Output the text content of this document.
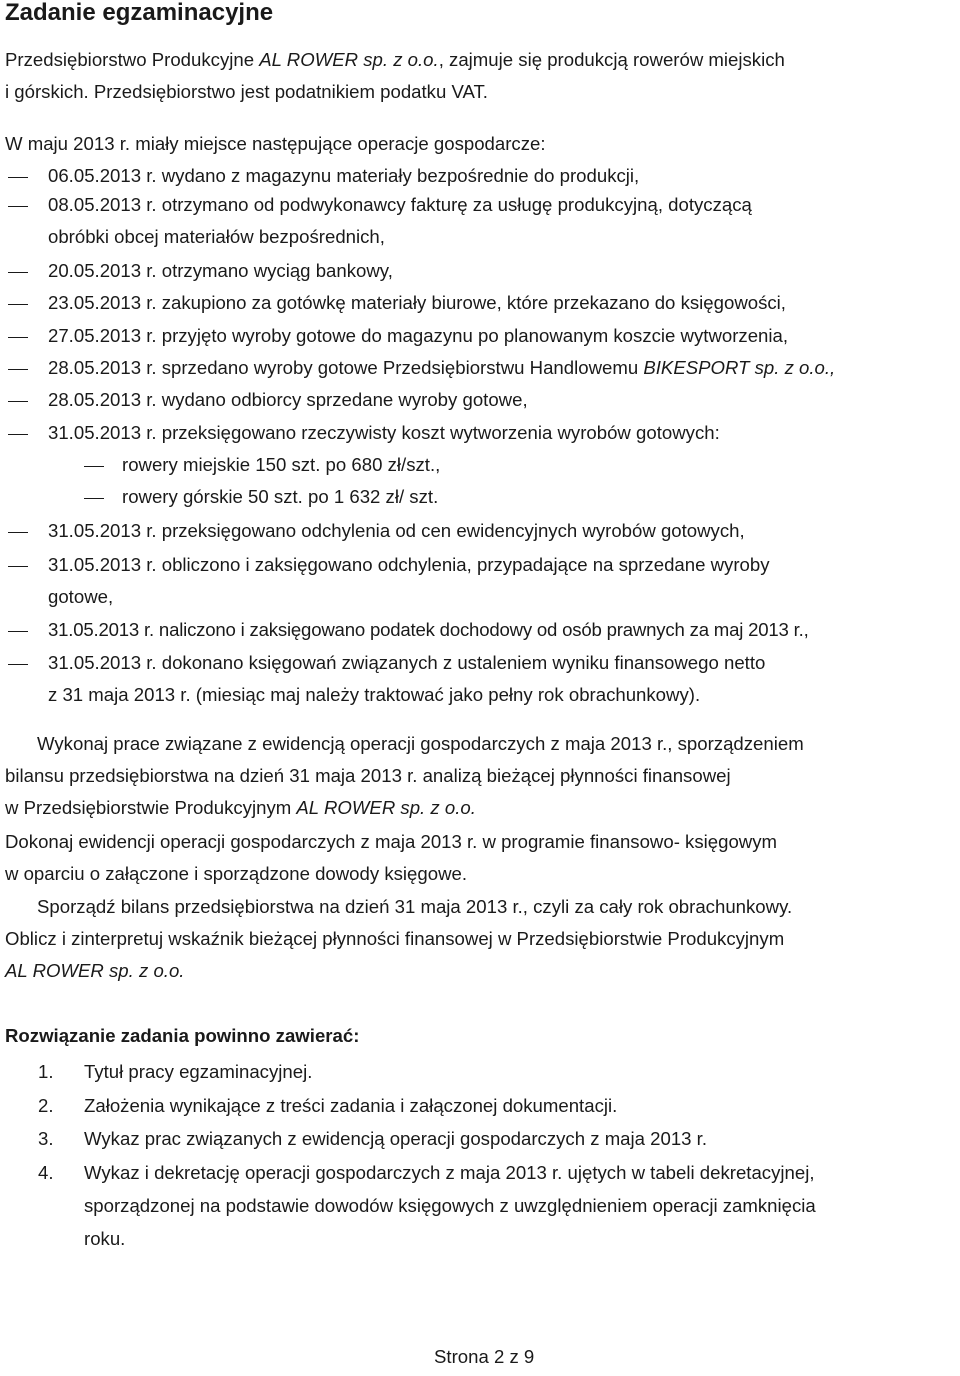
Zadanie egzaminacyjne
Przedsiębiorstwo Produkcyjne AL ROWER sp. z o.o., zajmuje się produkcją rowerów miejskich
i górskich. Przedsiębiorstwo jest podatnikiem podatku VAT.
W maju 2013 r. miały miejsce następujące operacje gospodarcze:
06.05.2013 r. wydano z magazynu materiały bezpośrednie do produkcji,
08.05.2013 r. otrzymano od podwykonawcy fakturę za usługę produkcyjną, dotyczącą
obróbki obcej materiałów bezpośrednich,
20.05.2013 r. otrzymano wyciąg bankowy,
23.05.2013 r. zakupiono za gotówkę materiały biurowe, które przekazano do księgowości,
27.05.2013 r. przyjęto wyroby gotowe do magazynu po planowanym koszcie wytworzenia,
28.05.2013 r. sprzedano wyroby gotowe Przedsiębiorstwu Handlowemu BIKESPORT sp. z o.o.,
28.05.2013 r. wydano odbiorcy sprzedane wyroby gotowe,
31.05.2013 r. przeksięgowano rzeczywisty koszt wytworzenia wyrobów gotowych:
rowery miejskie 150 szt. po 680 zł/szt.,
rowery górskie 50 szt. po 1 632 zł/ szt.
31.05.2013 r. przeksięgowano odchylenia od cen ewidencyjnych wyrobów gotowych,
31.05.2013 r. obliczono i zaksięgowano odchylenia, przypadające na sprzedane wyroby
gotowe,
31.05.2013 r. naliczono i zaksięgowano podatek dochodowy od osób prawnych za maj 2013 r.,
31.05.2013 r. dokonano księgowań związanych z ustaleniem wyniku finansowego netto
z 31 maja 2013 r. (miesiąc maj należy traktować jako pełny rok obrachunkowy).
Wykonaj prace związane z ewidencją operacji gospodarczych z maja 2013 r., sporządzeniem
bilansu przedsiębiorstwa na dzień 31 maja 2013 r. analizą bieżącej płynności finansowej
w Przedsiębiorstwie Produkcyjnym AL ROWER sp. z o.o.
Dokonaj ewidencji operacji gospodarczych z maja 2013 r. w programie finansowo- księgowym
w oparciu o załączone i sporządzone dowody księgowe.
Sporządź bilans przedsiębiorstwa na dzień 31 maja 2013 r., czyli za cały rok obrachunkowy.
Oblicz i zinterpretuj wskaźnik bieżącej płynności finansowej w Przedsiębiorstwie Produkcyjnym
AL ROWER sp. z o.o.
Rozwiązanie zadania powinno zawierać:
1. Tytuł pracy egzaminacyjnej.
2. Założenia wynikające z treści zadania i załączonej dokumentacji.
3. Wykaz prac związanych z ewidencją operacji gospodarczych z maja 2013 r.
4. Wykaz i dekretację operacji gospodarczych z maja 2013 r. ujętych w tabeli dekretacyjnej,
sporządzonej na podstawie dowodów księgowych z uwzględnieniem operacji zamknięcia
roku.
Strona 2 z 9
